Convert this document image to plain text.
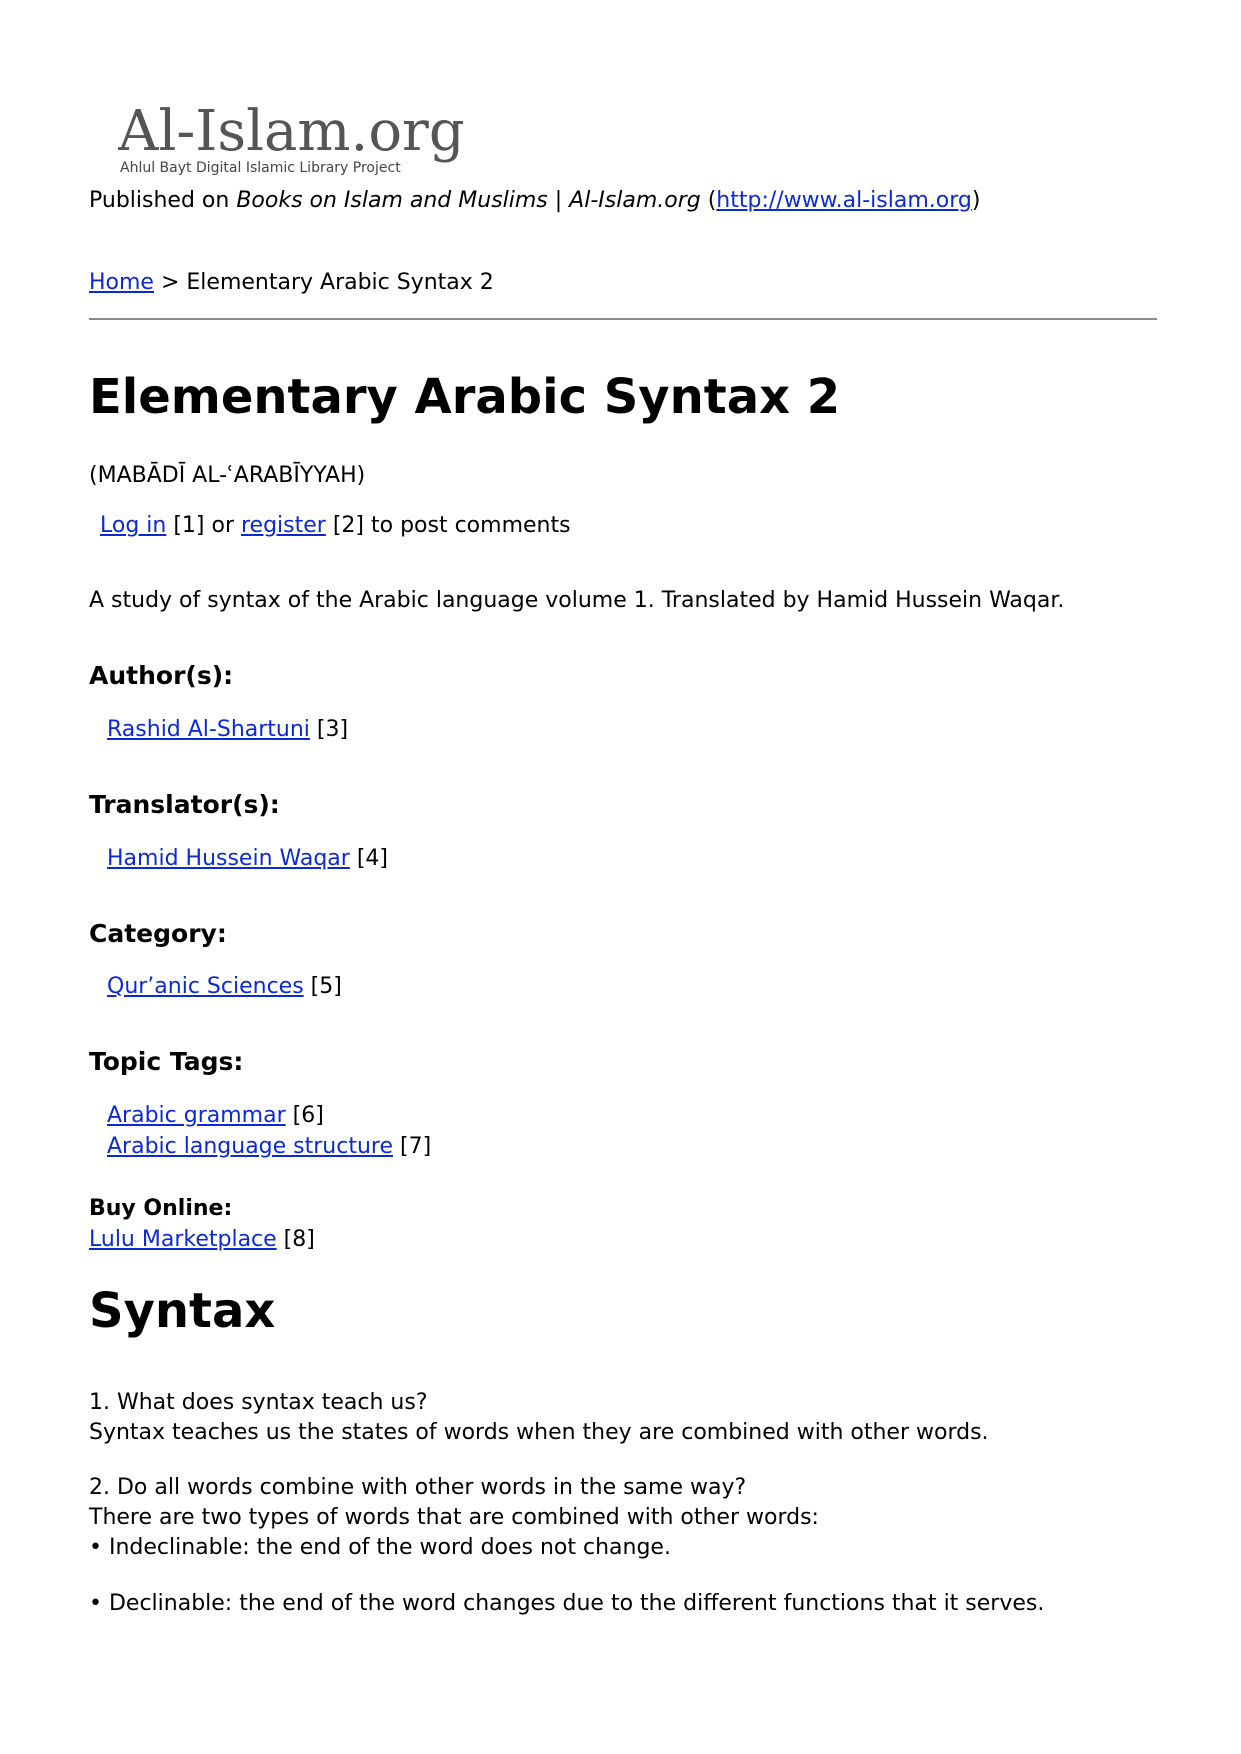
Al-Islam.org
Ahlul Bayt Digital Islamic Library Project
Published on Books on Islam and Muslims | Al-Islam.org (http://www.al-islam.org)
Home > Elementary Arabic Syntax 2
Elementary Arabic Syntax 2
(MABĀDĪ AL-ʿARABĪYYAH)
Log in [1] or register [2] to post comments
A study of syntax of the Arabic language volume 1. Translated by Hamid Hussein Waqar.
Author(s):
Rashid Al-Shartuni [3]
Translator(s):
Hamid Hussein Waqar [4]
Category:
Qur’anic Sciences [5]
Topic Tags:
Arabic grammar [6]
Arabic language structure [7]
Buy Online:
Lulu Marketplace [8]
Syntax
1. What does syntax teach us?
Syntax teaches us the states of words when they are combined with other words.
2. Do all words combine with other words in the same way?
There are two types of words that are combined with other words:
• Indeclinable: the end of the word does not change.
• Declinable: the end of the word changes due to the different functions that it serves.
